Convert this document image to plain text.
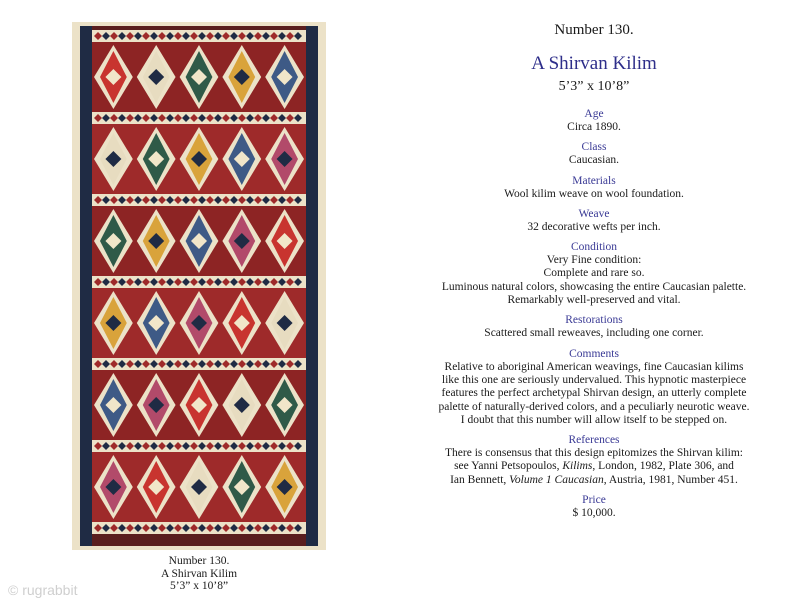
Number 130.
A Shirvan Kilim
5’3” x 10’8”
© rugrabbit
Number 130.
A Shirvan Kilim
5’3” x 10’8”
Age
Circa 1890.
Class
Caucasian.
Materials
Wool kilim weave on wool foundation.
Weave
32 decorative wefts per inch.
Condition
Very Fine condition:
Complete and rare so.
Luminous natural colors, showcasing the entire Caucasian palette.
Remarkably well-preserved and vital.
Restorations
Scattered small reweaves, including one corner.
Comments
Relative to aboriginal American weavings, fine Caucasian kilims
like this one are seriously undervalued. This hypnotic masterpiece
features the perfect archetypal Shirvan design, an utterly complete
palette of naturally-derived colors, and a peculiarly neurotic weave.
I doubt that this number will allow itself to be stepped on.
References
There is consensus that this design epitomizes the Shirvan kilim:
see Yanni Petsopoulos, Kilims, London, 1982, Plate 306, and
Ian Bennett, Volume 1 Caucasian, Austria, 1981, Number 451.
Price
$ 10,000.
